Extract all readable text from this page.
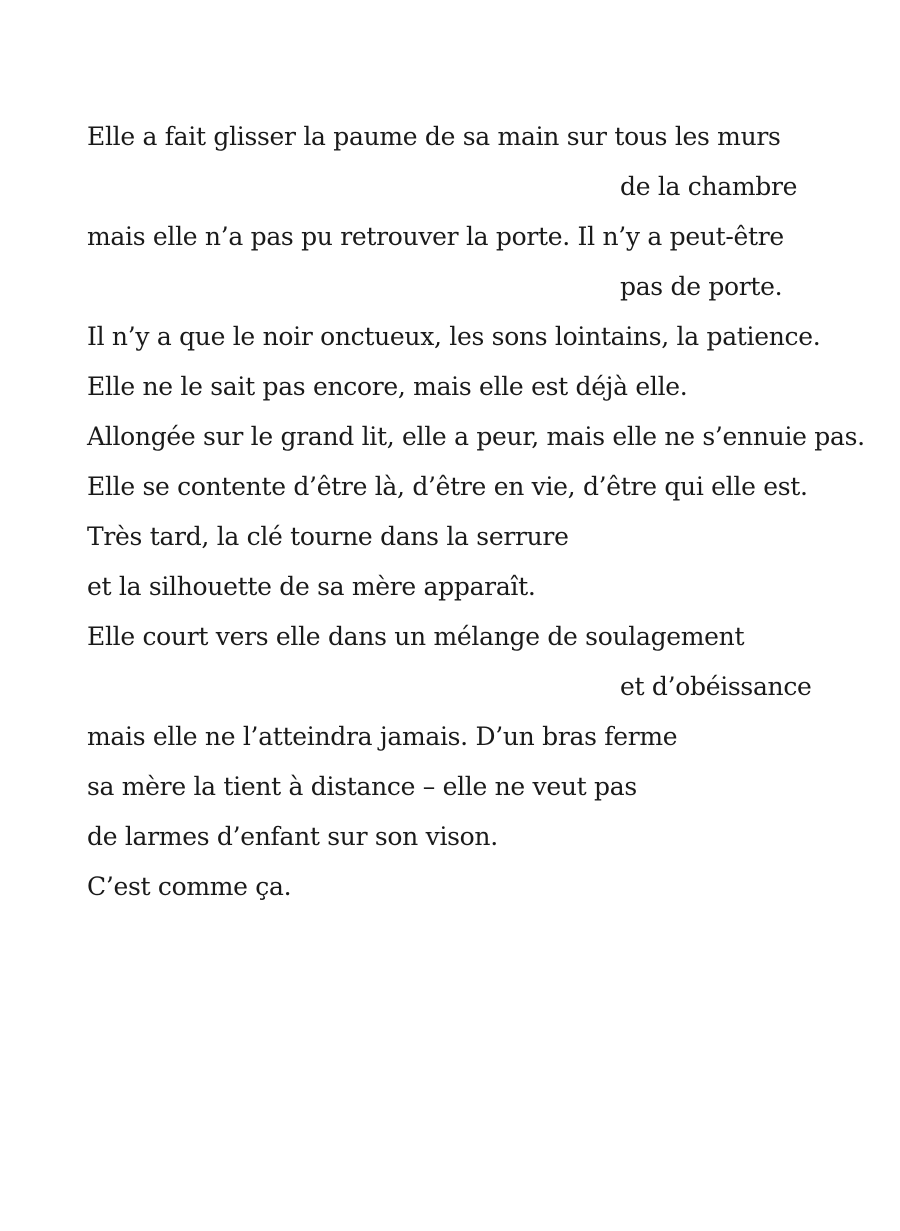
Elle a fait glisser la paume de sa main sur tous les murs
de la chambre
mais elle n’a pas pu retrouver la porte. Il n’y a peut-être
pas de porte.
Il n’y a que le noir onctueux, les sons lointains, la patience.
Elle ne le sait pas encore, mais elle est déjà elle.
Allongée sur le grand lit, elle a peur, mais elle ne s’ennuie pas.
Elle se contente d’être là, d’être en vie, d’être qui elle est.
Très tard, la clé tourne dans la serrure
et la silhouette de sa mère apparaît.
Elle court vers elle dans un mélange de soulagement
et d’obéissance
mais elle ne l’atteindra jamais. D’un bras ferme
sa mère la tient à distance – elle ne veut pas
de larmes d’enfant sur son vison.
C’est comme ça.
